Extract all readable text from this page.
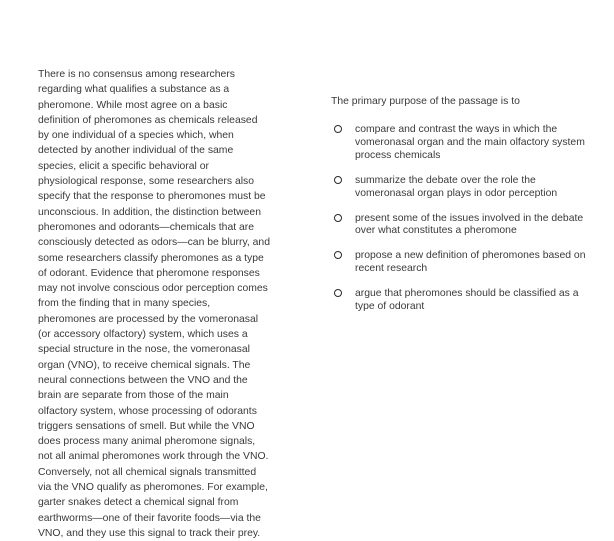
There is no consensus among researchers regarding what qualifies a substance as a pheromone. While most agree on a basic definition of pheromones as chemicals released by one individual of a species which, when detected by another individual of the same species, elicit a specific behavioral or physiological response, some researchers also specify that the response to pheromones must be unconscious. In addition, the distinction between pheromones and odorants—chemicals that are consciously detected as odors—can be blurry, and some researchers classify pheromones as a type of odorant. Evidence that pheromone responses may not involve conscious odor perception comes from the finding that in many species, pheromones are processed by the vomeronasal (or accessory olfactory) system, which uses a special structure in the nose, the vomeronasal organ (VNO), to receive chemical signals. The neural connections between the VNO and the brain are separate from those of the main olfactory system, whose processing of odorants triggers sensations of smell. But while the VNO does process many animal pheromone signals, not all animal pheromones work through the VNO. Conversely, not all chemical signals transmitted via the VNO qualify as pheromones. For example, garter snakes detect a chemical signal from earthworms—one of their favorite foods—via the VNO, and they use this signal to track their prey.

The primary purpose of the passage is to

compare and contrast the ways in which the vomeronasal organ and the main olfactory system process chemicals
summarize the debate over the role the vomeronasal organ plays in odor perception
present some of the issues involved in the debate over what constitutes a pheromone
propose a new definition of pheromones based on recent research
argue that pheromones should be classified as a type of odorant
